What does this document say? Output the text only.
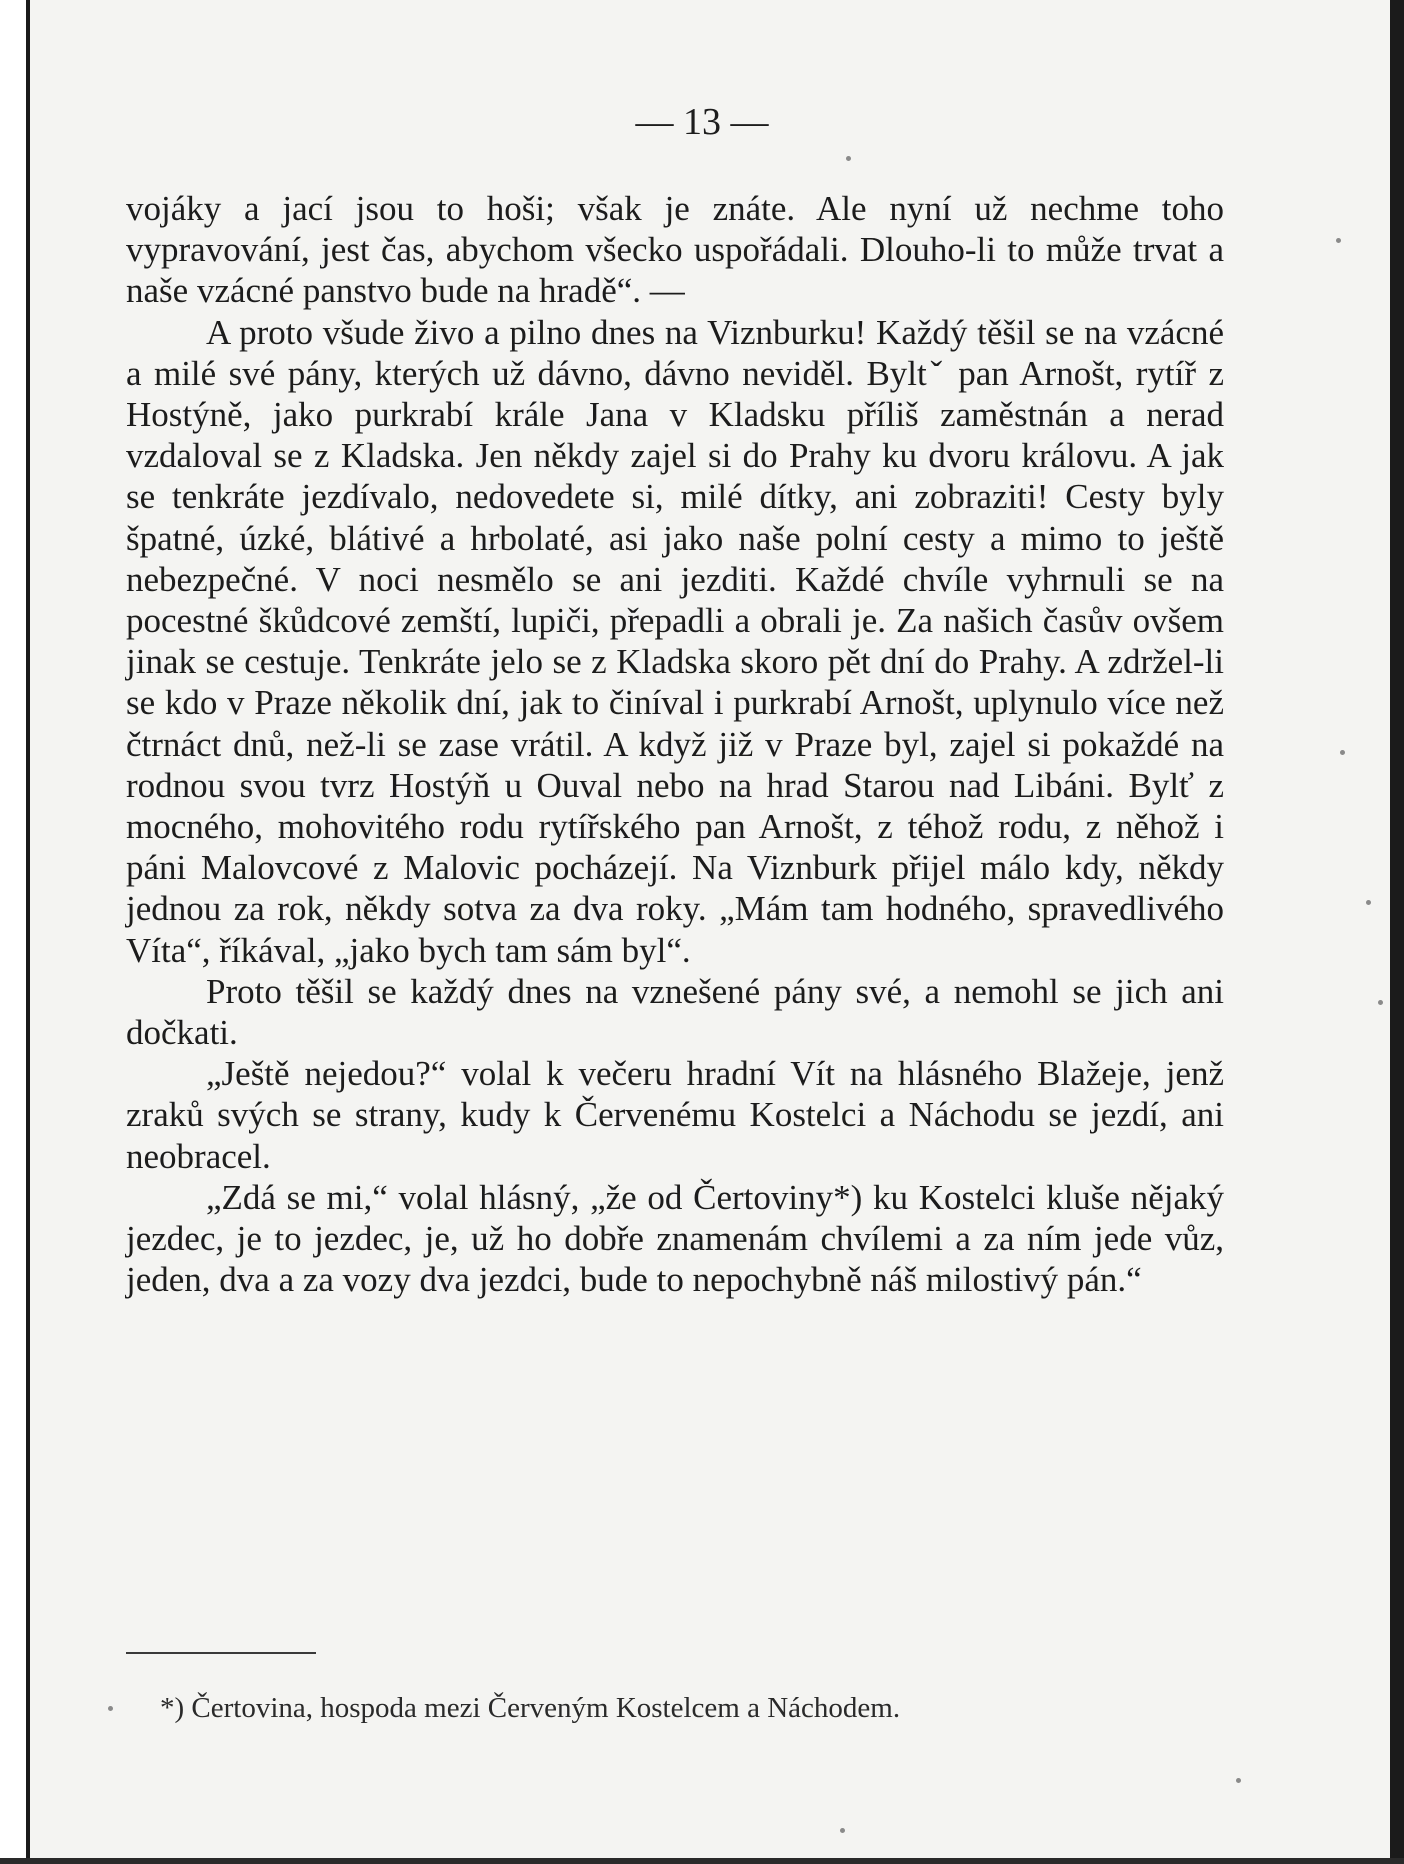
— 13 —

vojáky a jací jsou to hoši; však je znáte. Ale nyní už nechme toho vypravování, jest čas, abychom všecko uspořádali. Dlouho-li to může trvat a naše vzácné panstvo bude na hradě“. —

A proto všude živo a pilno dnes na Viznburku! Každý těšil se na vzácné a milé své pány, kterých už dávno, dávno neviděl. Byltˇ pan Arnošt, rytíř z Hostýně, jako purkrabí krále Jana v Kladsku příliš zaměstnán a nerad vzdaloval se z Kladska. Jen někdy zajel si do Prahy ku dvoru královu. A jak se tenkráte jezdívalo, nedovedete si, milé dítky, ani zobraziti! Cesty byly špatné, úzké, blátivé a hrbolaté, asi jako naše polní cesty a mimo to ještě nebezpečné. V noci nesmělo se ani jezditi. Každé chvíle vyhrnuli se na pocestné škůdcové zemští, lupiči, přepadli a obrali je. Za našich časův ovšem jinak se cestuje. Tenkráte jelo se z Kladska skoro pět dní do Prahy. A zdržel-li se kdo v Praze několik dní, jak to činíval i purkrabí Arnošt, uplynulo více než čtrnáct dnů, než-li se zase vrátil. A když již v Praze byl, zajel si pokaždé na rodnou svou tvrz Hostýň u Ouval nebo na hrad Starou nad Libáni. Bylť z mocného, mohovitého rodu rytířského pan Arnošt, z téhož rodu, z něhož i páni Malovcové z Malovic pocházejí. Na Viznburk přijel málo kdy, někdy jednou za rok, někdy sotva za dva roky. „Mám tam hodného, spravedlivého Víta“, říkával, „jako bych tam sám byl“.

Proto těšil se každý dnes na vznešené pány své, a nemohl se jich ani dočkati.

„Ještě nejedou?“ volal k večeru hradní Vít na hlásného Blažeje, jenž zraků svých se strany, kudy k Červenému Kostelci a Náchodu se jezdí, ani neobracel.

„Zdá se mi,“ volal hlásný, „že od Čertoviny*) ku Kostelci kluše nějaký jezdec, je to jezdec, je, už ho dobře znamenám chvílemi a za ním jede vůz, jeden, dva a za vozy dva jezdci, bude to nepochybně náš milostivý pán.“

*) Čertovina, hospoda mezi Červeným Kostelcem a Náchodem.
